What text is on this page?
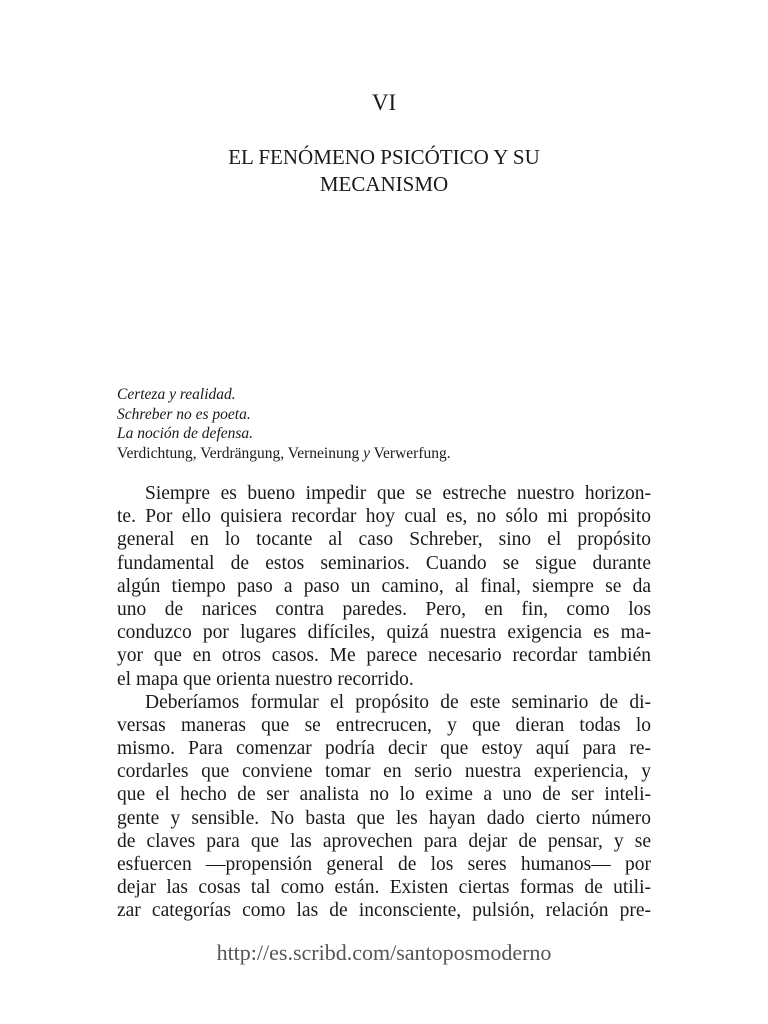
VI
EL FENÓMENO PSICÓTICO Y SU
MECANISMO
Certeza y realidad.
Schreber no es poeta.
La noción de defensa.
Verdichtung, Verdrängung, Verneinung y Verwerfung.
Siempre es bueno impedir que se estreche nuestro horizon-
te. Por ello quisiera recordar hoy cual es, no sólo mi propósito
general en lo tocante al caso Schreber, sino el propósito
fundamental de estos seminarios. Cuando se sigue durante
algún tiempo paso a paso un camino, al final, siempre se da
uno de narices contra paredes. Pero, en fin, como los
conduzco por lugares difíciles, quizá nuestra exigencia es ma-
yor que en otros casos. Me parece necesario recordar también
el mapa que orienta nuestro recorrido.
Deberíamos formular el propósito de este seminario de di-
versas maneras que se entrecrucen, y que dieran todas lo
mismo. Para comenzar podría decir que estoy aquí para re-
cordarles que conviene tomar en serio nuestra experiencia, y
que el hecho de ser analista no lo exime a uno de ser inteli-
gente y sensible. No basta que les hayan dado cierto número
de claves para que las aprovechen para dejar de pensar, y se
esfuercen —propensión general de los seres humanos— por
dejar las cosas tal como están. Existen ciertas formas de utili-
zar categorías como las de inconsciente, pulsión, relación pre-
http://es.scribd.com/santoposmoderno
